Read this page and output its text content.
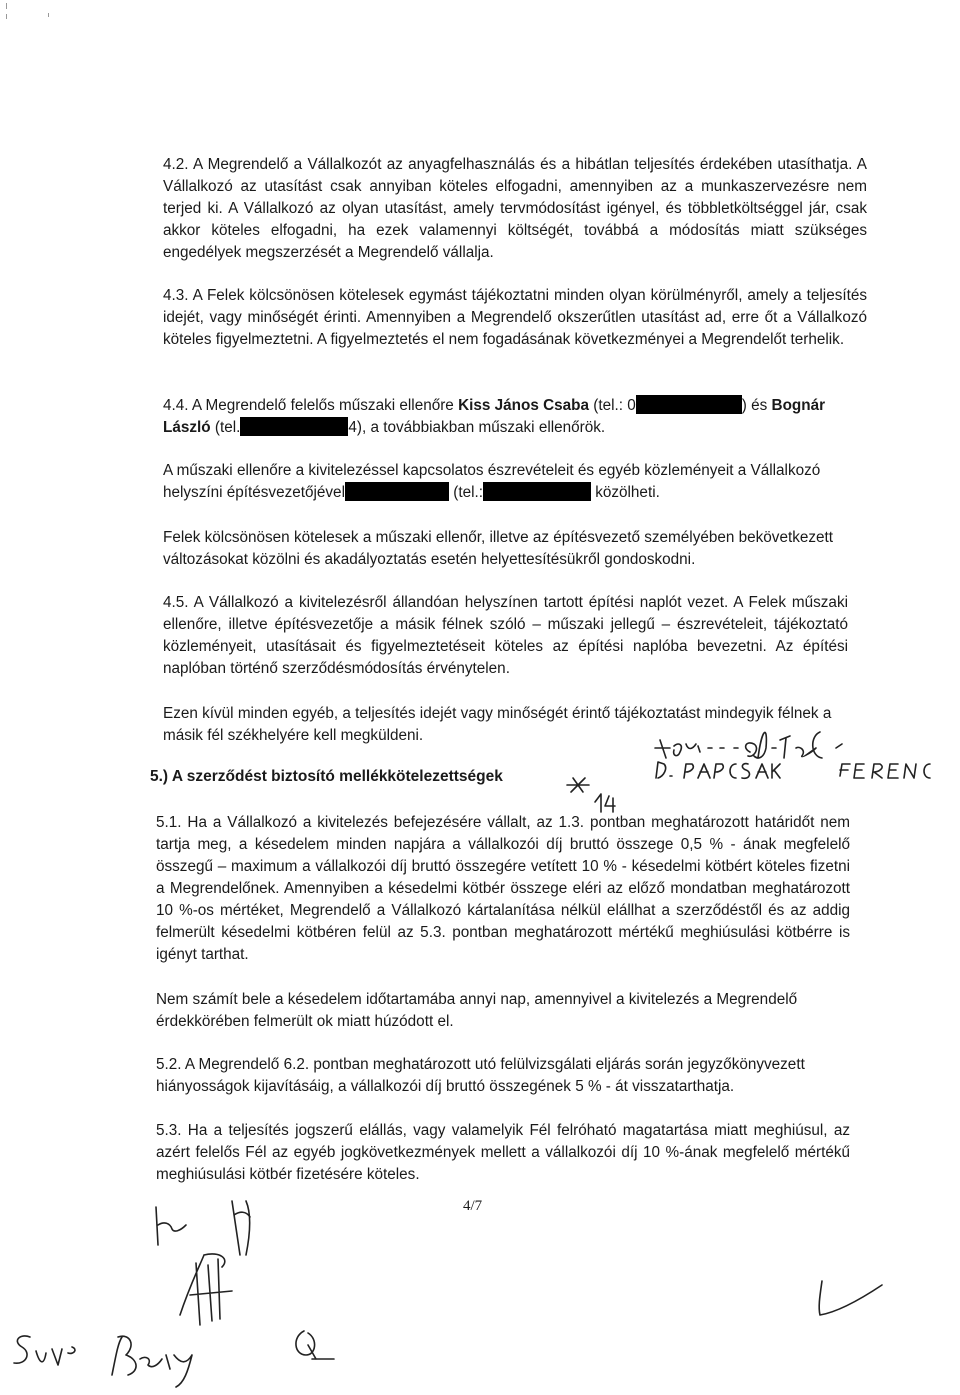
4.2. A Megrendelő a Vállalkozót az anyagfelhasználás és a hibátlan teljesítés érdekében utasíthatja. A Vállalkozó az utasítást csak annyiban köteles elfogadni, amennyiben az a munkaszervezésre nem terjed ki. A Vállalkozó az olyan utasítást, amely tervmódosítást igényel, és többletköltséggel jár, csak akkor köteles elfogadni, ha ezek valamennyi költségét, továbbá a módosítás miatt szükséges engedélyek megszerzését a Megrendelő vállalja.

4.3. A Felek kölcsönösen kötelesek egymást tájékoztatni minden olyan körülményről, amely a teljesítés idejét, vagy minőségét érinti. Amennyiben a Megrendelő okszerűtlen utasítást ad, erre őt a Vállalkozó köteles figyelmeztetni. A figyelmeztetés el nem fogadásának következményei a Megrendelőt terhelik.

4.4. A Megrendelő felelős műszaki ellenőre Kiss János Csaba (tel.: 0	) és Bognár
László (tel.	4), a továbbiakban műszaki ellenőrök.

A műszaki ellenőre a kivitelezéssel kapcsolatos észrevételeit és egyéb közleményeit a Vállalkozó helyszíni építésvezetőjével	(tel.:	közölheti.

Felek kölcsönösen kötelesek a műszaki ellenőr, illetve az építésvezető személyében bekövetkezett változásokat közölni és akadályoztatás esetén helyettesítésükről gondoskodni.

4.5. A Vállalkozó a kivitelezésről állandóan helyszínen tartott építési naplót vezet. A Felek műszaki ellenőre, illetve építésvezetője a másik félnek szóló – műszaki jellegű – észrevételeit, tájékoztató közleményeit, utasításait és figyelmeztetéseit köteles az építési naplóba bevezetni. Az építési naplóban történő szerződésmódosítás érvénytelen.

Ezen kívül minden egyéb, a teljesítés idejét vagy minőségét érintő tájékoztatást mindegyik félnek a másik fél székhelyére kell megküldeni.

5.) A szerződést biztosító mellékkötelezettségek

5.1. Ha a Vállalkozó a kivitelezés befejezésére vállalt, az 1.3. pontban meghatározott határidőt nem tartja meg, a késedelem minden napjára a vállalkozói díj bruttó összege 0,5 % - ának megfelelő összegű – maximum a vállalkozói díj bruttó összegére vetített 10 % - késedelmi kötbért köteles fizetni a Megrendelőnek. Amennyiben a késedelmi kötbér összege eléri az előző mondatban meghatározott 10 %-os mértéket, Megrendelő a Vállalkozó kártalanítása nélkül elállhat a szerződéstől és az addig felmerült késedelmi kötbéren felül az 5.3. pontban meghatározott mértékű meghiúsulási kötbérre is igényt tarthat.

Nem számít bele a késedelem időtartamába annyi nap, amennyivel a kivitelezés a Megrendelő érdekkörében felmerült ok miatt húzódott el.

5.2. A Megrendelő 6.2. pontban meghatározott utó felülvizsgálati eljárás során jegyzőkönyvezett hiányosságok kijavításáig, a vállalkozói díj bruttó összegének 5 % - át visszatarthatja.

5.3. Ha a teljesítés jogszerű elállás, vagy valamelyik Fél felróható magatartása miatt meghiúsul, az azért felelős Fél az egyéb jogkövetkezmények mellett a vállalkozói díj 10 %-ának megfelelő mértékű meghiúsulási kötbér fizetésére köteles.

4/7
